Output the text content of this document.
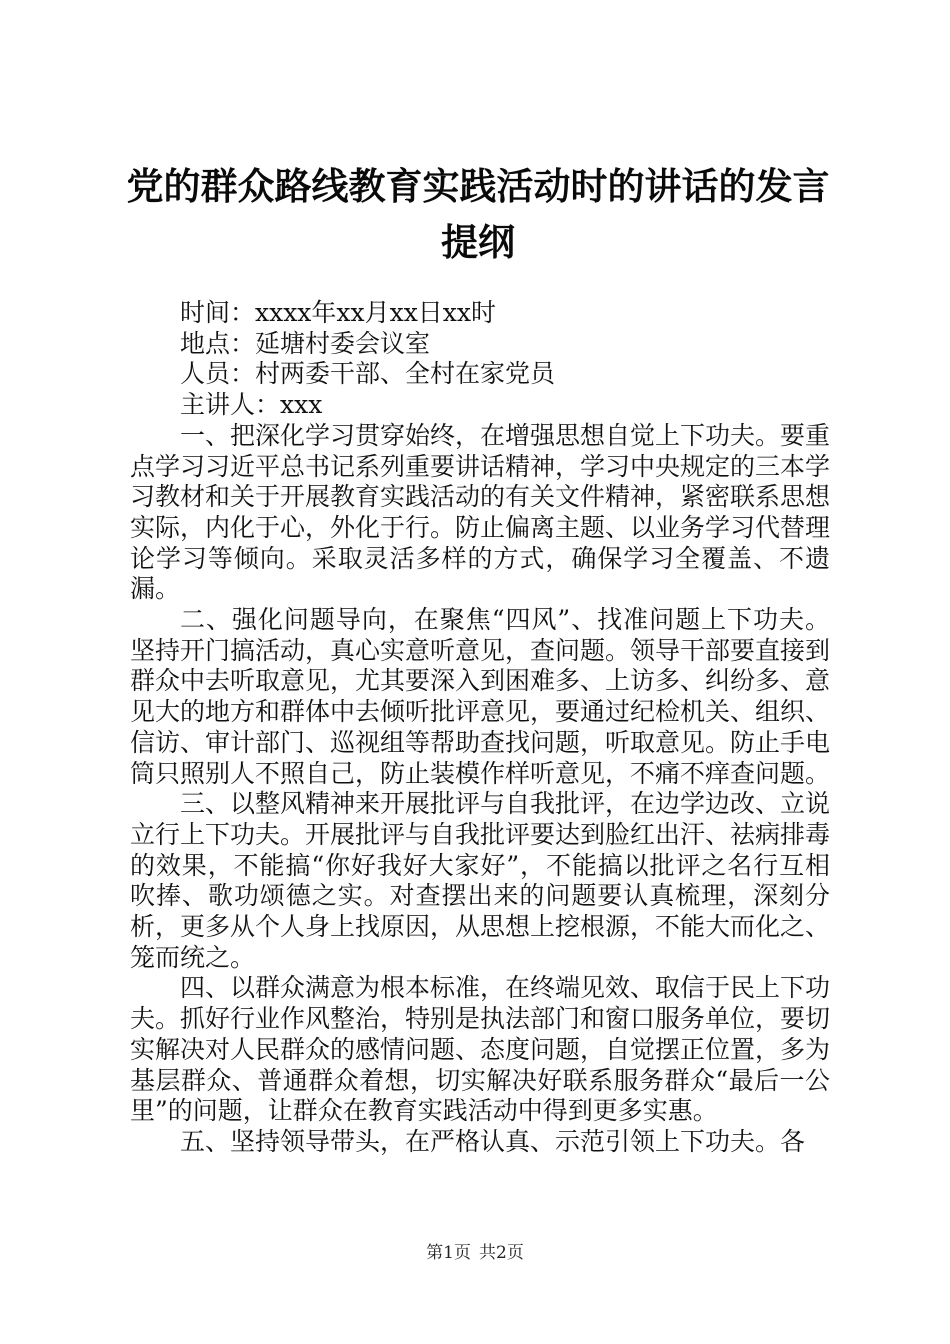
党的群众路线教育实践活动时的讲话的发言提纲

时间：xxxx年xx月xx日xx时

地点：延塘村委会议室

人员：村两委干部、全村在家党员

主讲人：xxx

一、把深化学习贯穿始终，在增强思想自觉上下功夫。要重点学习习近平总书记系列重要讲话精神，学习中央规定的三本学习教材和关于开展教育实践活动的有关文件精神，紧密联系思想实际，内化于心，外化于行。防止偏离主题、以业务学习代替理论学习等倾向。采取灵活多样的方式，确保学习全覆盖、不遗漏。

二、强化问题导向，在聚焦“四风”、找准问题上下功夫。坚持开门搞活动，真心实意听意见，查问题。领导干部要直接到群众中去听取意见，尤其要深入到困难多、上访多、纠纷多、意见大的地方和群体中去倾听批评意见，要通过纪检机关、组织、信访、审计部门、巡视组等帮助查找问题，听取意见。防止手电筒只照别人不照自己，防止装模作样听意见，不痛不痒查问题。

三、以整风精神来开展批评与自我批评，在边学边改、立说立行上下功夫。开展批评与自我批评要达到脸红出汗、祛病排毒的效果，不能搞“你好我好大家好”，不能搞以批评之名行互相吹捧、歌功颂德之实。对查摆出来的问题要认真梳理，深刻分析，更多从个人身上找原因，从思想上挖根源，不能大而化之、笼而统之。

四、以群众满意为根本标准，在终端见效、取信于民上下功夫。抓好行业作风整治，特别是执法部门和窗口服务单位，要切实解决对人民群众的感情问题、态度问题，自觉摆正位置，多为基层群众、普通群众着想，切实解决好联系服务群众“最后一公里”的问题，让群众在教育实践活动中得到更多实惠。

五、坚持领导带头，在严格认真、示范引领上下功夫。各

第1页 共2页
